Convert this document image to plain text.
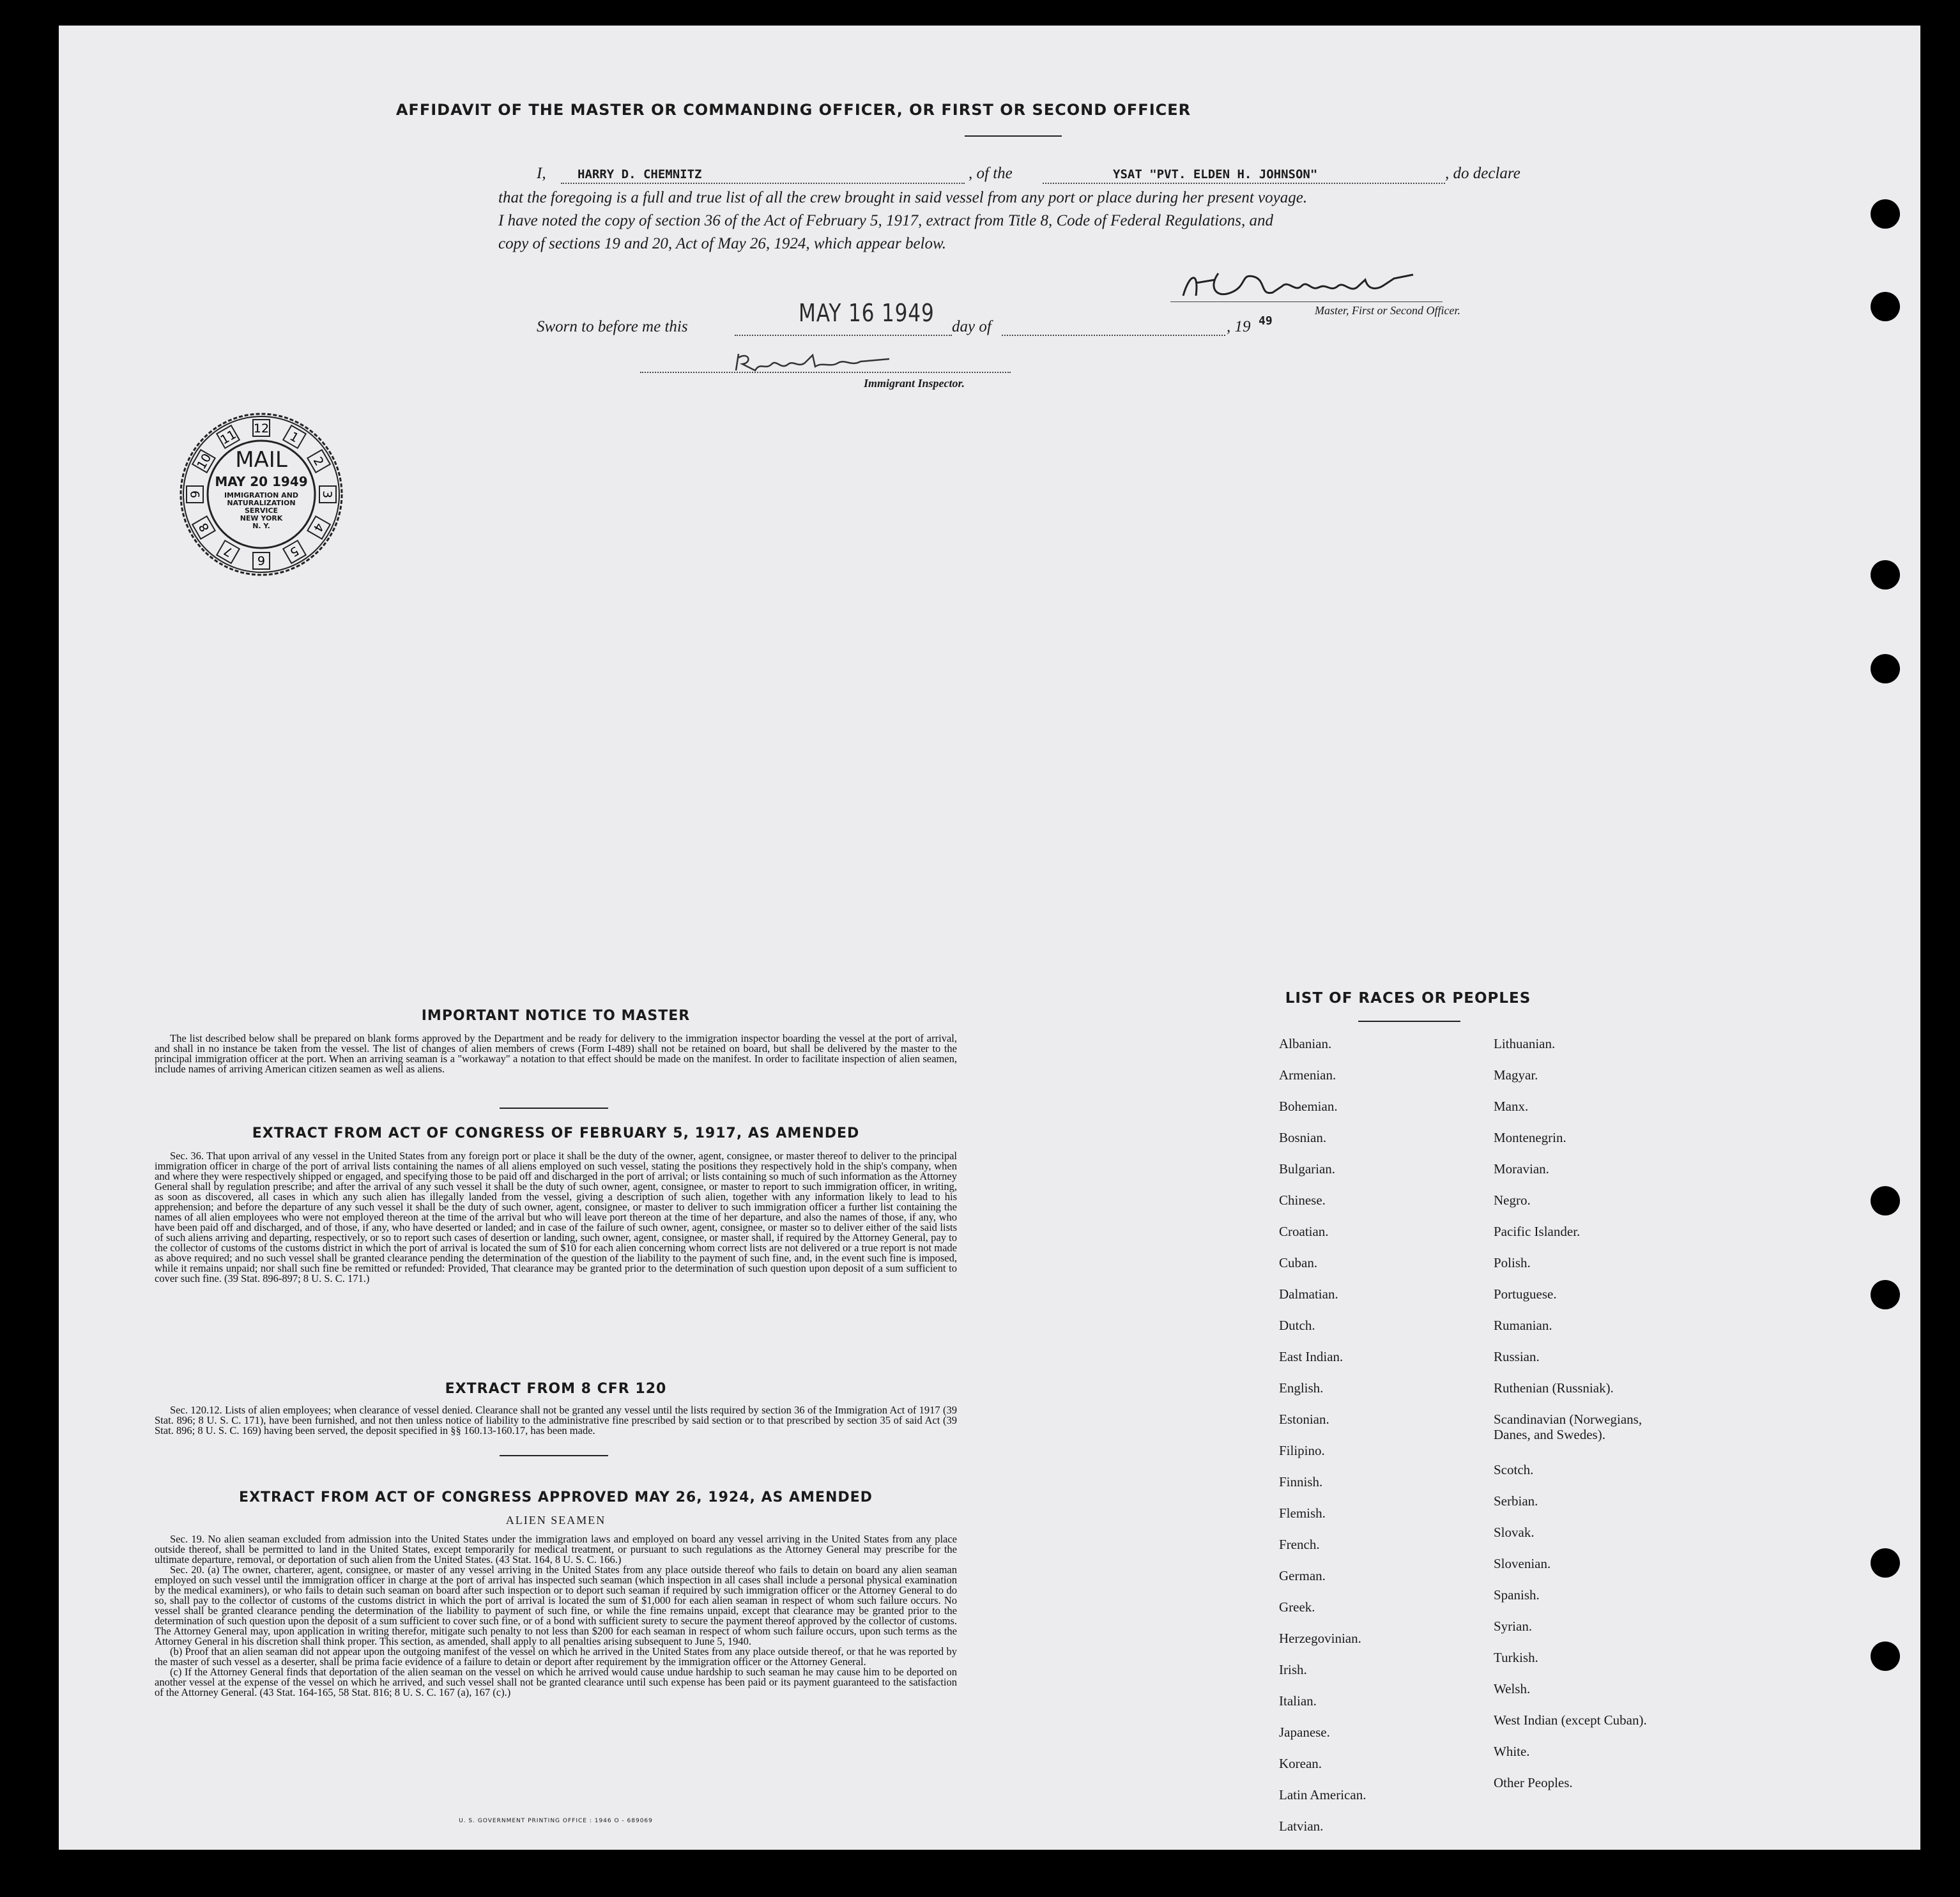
AFFIDAVIT OF THE MASTER OR COMMANDING OFFICER, OR FIRST OR SECOND OFFICER
I,	HARRY D. CHEMNITZ	, of the	YSAT "PVT. ELDEN H. JOHNSON"	, do declare
that the foregoing is a full and true list of all the crew brought in said vessel from any port or place during her present voyage.
I have noted the copy of section 36 of the Act of February 5, 1917, extract from Title 8, Code of Federal Regulations, and
copy of sections 19 and 20, Act of May 26, 1924, which appear below.
Master, First or Second Officer.
Sworn to before me this	MAY 16 1949 day of	, 19 49
Immigrant Inspector.
12
1
2
3
4
5
6
7
8
9
10
11
MAIL
MAY 20 1949
IMMIGRATION AND
NATURALIZATION
SERVICE
NEW YORK
N. Y.
IMPORTANT NOTICE TO MASTER

The list described below shall be prepared on blank forms approved by the Department and be ready for delivery to the immigration inspector boarding the vessel at the port of arrival, and shall in no instance be taken from the vessel. The list of changes of alien members of crews (Form I-489) shall not be retained on board, but shall be delivered by the master to the principal immigration officer at the port. When an arriving seaman is a "workaway" a notation to that effect should be made on the manifest. In order to facilitate inspection of alien seamen, include names of arriving American citizen seamen as well as aliens.

EXTRACT FROM ACT OF CONGRESS OF FEBRUARY 5, 1917, AS AMENDED

Sec. 36. That upon arrival of any vessel in the United States from any foreign port or place it shall be the duty of the owner, agent, consignee, or master thereof to deliver to the principal immigration officer in charge of the port of arrival lists containing the names of all aliens employed on such vessel, stating the positions they respectively hold in the ship's company, when and where they were respectively shipped or engaged, and specifying those to be paid off and discharged in the port of arrival; or lists containing so much of such information as the Attorney General shall by regulation prescribe; and after the arrival of any such vessel it shall be the duty of such owner, agent, consignee, or master to report to such immigration officer, in writing, as soon as discovered, all cases in which any such alien has illegally landed from the vessel, giving a description of such alien, together with any information likely to lead to his apprehension; and before the departure of any such vessel it shall be the duty of such owner, agent, consignee, or master to deliver to such immigration officer a further list containing the names of all alien employees who were not employed thereon at the time of the arrival but who will leave port thereon at the time of her departure, and also the names of those, if any, who have been paid off and discharged, and of those, if any, who have deserted or landed; and in case of the failure of such owner, agent, consignee, or master so to deliver either of the said lists of such aliens arriving and departing, respectively, or so to report such cases of desertion or landing, such owner, agent, consignee, or master shall, if required by the Attorney General, pay to the collector of customs of the customs district in which the port of arrival is located the sum of $10 for each alien concerning whom correct lists are not delivered or a true report is not made as above required; and no such vessel shall be granted clearance pending the determination of the question of the liability to the payment of such fine, and, in the event such fine is imposed, while it remains unpaid; nor shall such fine be remitted or refunded: Provided, That clearance may be granted prior to the determination of such question upon deposit of a sum sufficient to cover such fine. (39 Stat. 896-897; 8 U. S. C. 171.)

EXTRACT FROM 8 CFR 120

Sec. 120.12. Lists of alien employees; when clearance of vessel denied. Clearance shall not be granted any vessel until the lists required by section 36 of the Immigration Act of 1917 (39 Stat. 896; 8 U. S. C. 171), have been furnished, and not then unless notice of liability to the administrative fine prescribed by said section or to that prescribed by section 35 of said Act (39 Stat. 896; 8 U. S. C. 169) having been served, the deposit specified in §§ 160.13-160.17, has been made.

EXTRACT FROM ACT OF CONGRESS APPROVED MAY 26, 1924, AS AMENDED
ALIEN SEAMEN

Sec. 19. No alien seaman excluded from admission into the United States under the immigration laws and employed on board any vessel arriving in the United States from any place outside thereof, shall be permitted to land in the United States, except temporarily for medical treatment, or pursuant to such regulations as the Attorney General may prescribe for the ultimate departure, removal, or deportation of such alien from the United States. (43 Stat. 164, 8 U. S. C. 166.)

Sec. 20. (a) The owner, charterer, agent, consignee, or master of any vessel arriving in the United States from any place outside thereof who fails to detain on board any alien seaman employed on such vessel until the immigration officer in charge at the port of arrival has inspected such seaman (which inspection in all cases shall include a personal physical examination by the medical examiners), or who fails to detain such seaman on board after such inspection or to deport such seaman if required by such immigration officer or the Attorney General to do so, shall pay to the collector of customs of the customs district in which the port of arrival is located the sum of $1,000 for each alien seaman in respect of whom such failure occurs. No vessel shall be granted clearance pending the determination of the liability to payment of such fine, or while the fine remains unpaid, except that clearance may be granted prior to the determination of such question upon the deposit of a sum sufficient to cover such fine, or of a bond with sufficient surety to secure the payment thereof approved by the collector of customs. The Attorney General may, upon application in writing therefor, mitigate such penalty to not less than $200 for each seaman in respect of whom such failure occurs, upon such terms as the Attorney General in his discretion shall think proper. This section, as amended, shall apply to all penalties arising subsequent to June 5, 1940.

(b) Proof that an alien seaman did not appear upon the outgoing manifest of the vessel on which he arrived in the United States from any place outside thereof, or that he was reported by the master of such vessel as a deserter, shall be prima facie evidence of a failure to detain or deport after requirement by the immigration officer or the Attorney General.

(c) If the Attorney General finds that deportation of the alien seaman on the vessel on which he arrived would cause undue hardship to such seaman he may cause him to be deported on another vessel at the expense of the vessel on which he arrived, and such vessel shall not be granted clearance until such expense has been paid or its payment guaranteed to the satisfaction of the Attorney General. (43 Stat. 164-165, 58 Stat. 816; 8 U. S. C. 167 (a), 167 (c).)

U. S. GOVERNMENT PRINTING OFFICE : 1946 O - 689069
LIST OF RACES OR PEOPLES
Albanian.
Armenian.
Bohemian.
Bosnian.
Bulgarian.
Chinese.
Croatian.
Cuban.
Dalmatian.
Dutch.
East Indian.
English.
Estonian.
Filipino.
Finnish.
Flemish.
French.
German.
Greek.
Herzegovinian.
Irish.
Italian.
Japanese.
Korean.
Latin American.
Latvian.
Lithuanian.
Magyar.
Manx.
Montenegrin.
Moravian.
Negro.
Pacific Islander.
Polish.
Portuguese.
Rumanian.
Russian.
Ruthenian (Russniak).
Scandinavian (Norwegians,
Danes, and Swedes).
Scotch.
Serbian.
Slovak.
Slovenian.
Spanish.
Syrian.
Turkish.
Welsh.
West Indian (except Cuban).
White.
Other Peoples.
